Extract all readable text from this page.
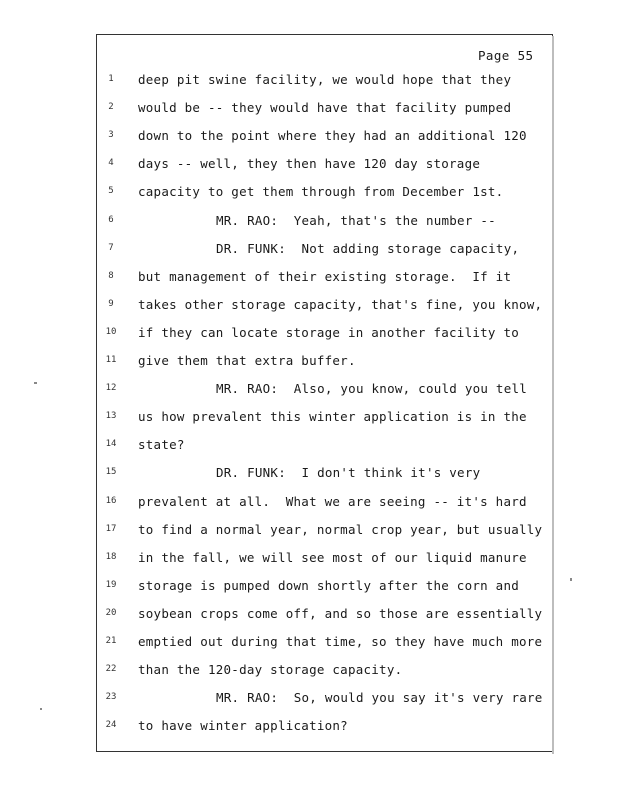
Page 55
1	deep pit swine facility, we would hope that they
2	would be -- they would have that facility pumped
3	down to the point where they had an additional 120
4	days -- well, they then have 120 day storage
5	capacity to get them through from December 1st.
6	MR. RAO:  Yeah, that's the number --
7	DR. FUNK:  Not adding storage capacity,
8	but management of their existing storage.  If it
9	takes other storage capacity, that's fine, you know,
10	if they can locate storage in another facility to
11	give them that extra buffer.
12	MR. RAO:  Also, you know, could you tell
13	us how prevalent this winter application is in the
14	state?
15	DR. FUNK:  I don't think it's very
16	prevalent at all.  What we are seeing -- it's hard
17	to find a normal year, normal crop year, but usually
18	in the fall, we will see most of our liquid manure
19	storage is pumped down shortly after the corn and
20	soybean crops come off, and so those are essentially
21	emptied out during that time, so they have much more
22	than the 120-day storage capacity.
23	MR. RAO:  So, would you say it's very rare
24	to have winter application?
